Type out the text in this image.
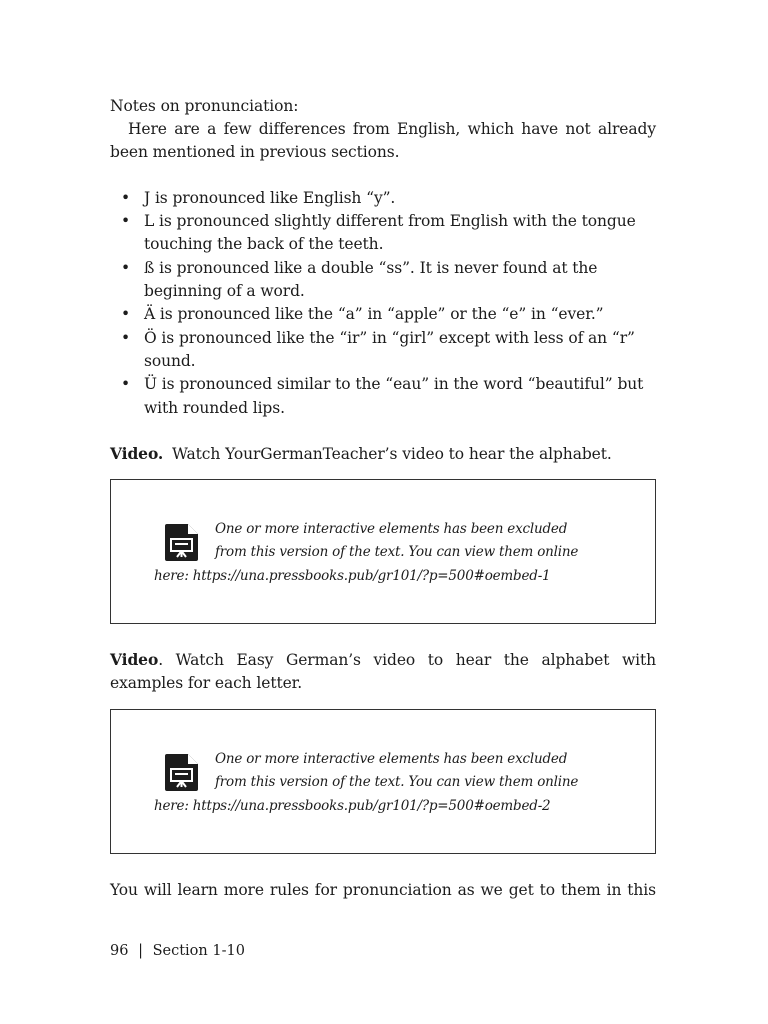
Notes on pronunciation:
Here are a few differences from English, which have not already
been mentioned in previous sections.
• J is pronounced like English “y”.
• L is pronounced slightly different from English with the tongue
touching the back of the teeth.
• ß is pronounced like a double “ss”. It is never found at the
beginning of a word.
• Ä is pronounced like the “a” in “apple” or the “e” in “ever.”
• Ö is pronounced like the “ir” in “girl” except with less of an “r”
sound.
• Ü is pronounced similar to the “eau” in the word “beautiful” but
with rounded lips.
Video. Watch YourGermanTeacher’s video to hear the alphabet.
One or more interactive elements has been excluded
from this version of the text. You can view them online
here: https://una.pressbooks.pub/gr101/?p=500#oembed-1
Video. Watch Easy German’s video to hear the alphabet with
examples for each letter.
One or more interactive elements has been excluded
from this version of the text. You can view them online
here: https://una.pressbooks.pub/gr101/?p=500#oembed-2
You will learn more rules for pronunciation as we get to them in this
96 | Section 1-10
